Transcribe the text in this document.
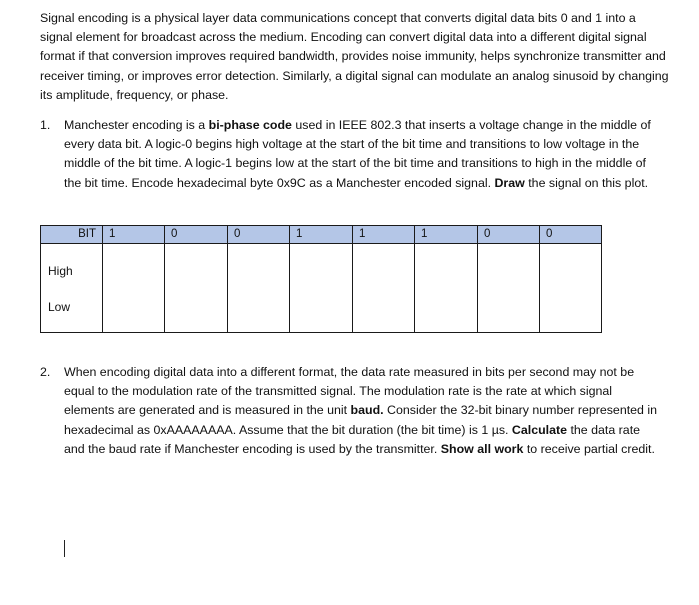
Signal encoding is a physical layer data communications concept that converts digital data bits 0 and 1 into a signal element for broadcast across the medium. Encoding can convert digital data into a different digital signal format if that conversion improves required bandwidth, provides noise immunity, helps synchronize transmitter and receiver timing, or improves error detection. Similarly, a digital signal can modulate an analog sinusoid by changing its amplitude, frequency, or phase.

1. Manchester encoding is a bi-phase code used in IEEE 802.3 that inserts a voltage change in the middle of every data bit. A logic-0 begins high voltage at the start of the bit time and transitions to low voltage in the middle of the bit time. A logic-1 begins low at the start of the bit time and transitions to high in the middle of the bit time. Encode hexadecimal byte 0x9C as a Manchester encoded signal. Draw the signal on this plot.
BIT	1	0	0	1	1	1	0	0

High
Low
2. When encoding digital data into a different format, the data rate measured in bits per second may not be equal to the modulation rate of the transmitted signal. The modulation rate is the rate at which signal elements are generated and is measured in the unit baud. Consider the 32-bit binary number represented in hexadecimal as 0xAAAAAAAA. Assume that the bit duration (the bit time) is 1 µs. Calculate the data rate and the baud rate if Manchester encoding is used by the transmitter. Show all work to receive partial credit.
